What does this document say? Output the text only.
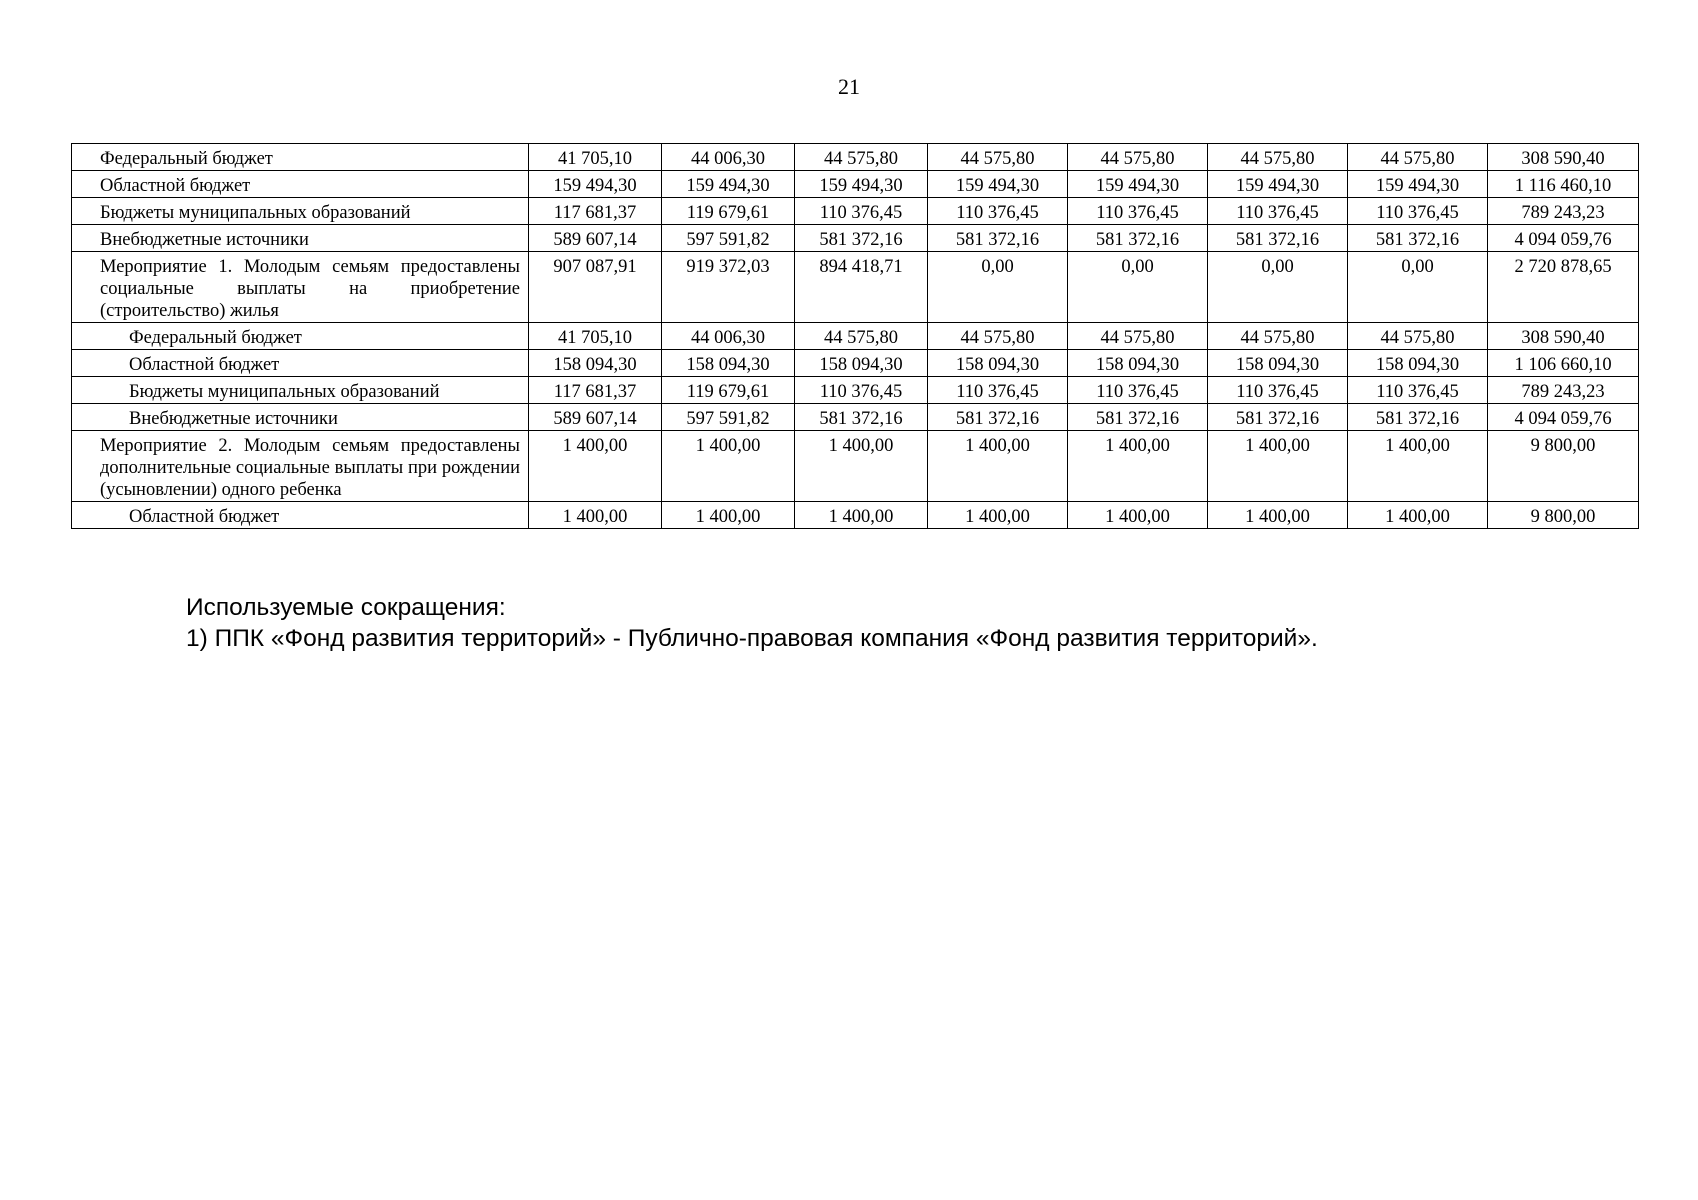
21
Федеральный бюджет	41 705,10	44 006,30	44 575,80	44 575,80	44 575,80	44 575,80	44 575,80	308 590,40
Областной бюджет	159 494,30	159 494,30	159 494,30	159 494,30	159 494,30	159 494,30	159 494,30	1 116 460,10
Бюджеты муниципальных образований	117 681,37	119 679,61	110 376,45	110 376,45	110 376,45	110 376,45	110 376,45	789 243,23
Внебюджетные источники	589 607,14	597 591,82	581 372,16	581 372,16	581 372,16	581 372,16	581 372,16	4 094 059,76
Мероприятие 1. Молодым семьям предоставлены социальные выплаты на приобретение (строительство) жилья	907 087,91	919 372,03	894 418,71	0,00	0,00	0,00	0,00	2 720 878,65
Федеральный бюджет	41 705,10	44 006,30	44 575,80	44 575,80	44 575,80	44 575,80	44 575,80	308 590,40
Областной бюджет	158 094,30	158 094,30	158 094,30	158 094,30	158 094,30	158 094,30	158 094,30	1 106 660,10
Бюджеты муниципальных образований	117 681,37	119 679,61	110 376,45	110 376,45	110 376,45	110 376,45	110 376,45	789 243,23
Внебюджетные источники	589 607,14	597 591,82	581 372,16	581 372,16	581 372,16	581 372,16	581 372,16	4 094 059,76
Мероприятие 2. Молодым семьям предоставлены дополнительные социальные выплаты при рождении (усыновлении) одного ребенка	1 400,00	1 400,00	1 400,00	1 400,00	1 400,00	1 400,00	1 400,00	9 800,00
Областной бюджет	1 400,00	1 400,00	1 400,00	1 400,00	1 400,00	1 400,00	1 400,00	9 800,00

Используемые сокращения:

1) ППК «Фонд развития территорий» - Публично-правовая компания «Фонд развития территорий».
